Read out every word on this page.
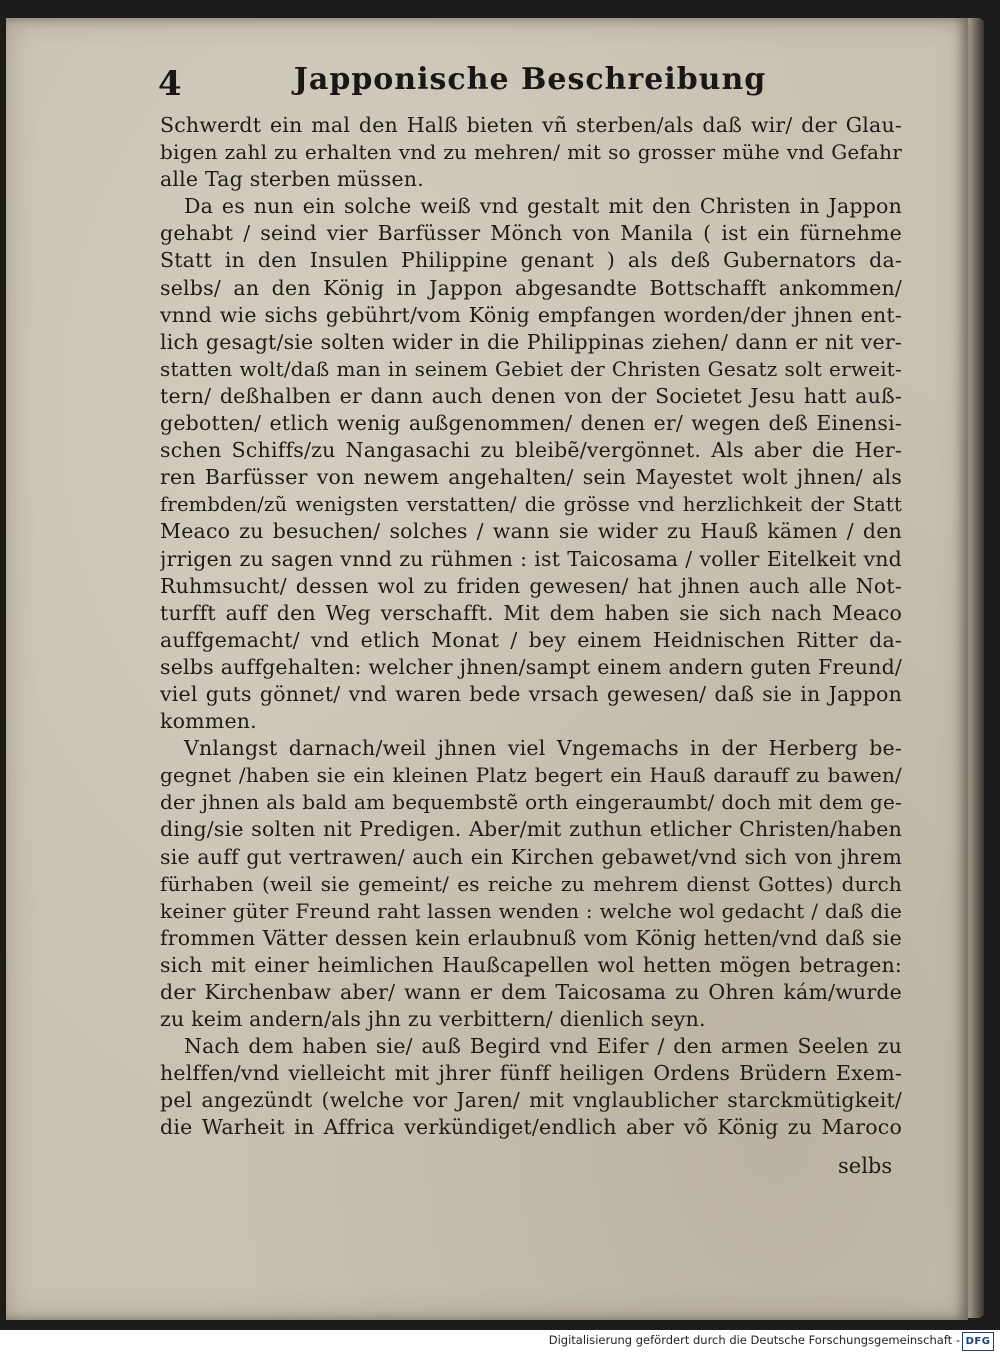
4	Japponische Beschreibung
Schwerdt ein mal den Halß bieten vñ sterben/als daß wir/ der Glau-
bigen zahl zu erhalten vnd zu mehren/ mit so grosser mühe vnd Gefahr
alle Tag sterben müssen.
Da es nun ein solche weiß vnd gestalt mit den Christen in Jappon
gehabt / seind vier Barfüsser Mönch von Manila ( ist ein fürnehme
Statt in den Insulen Philippine genant ) als deß Gubernators da-
selbs/ an den König in Jappon abgesandte Bottschafft ankommen/
vnnd wie sichs gebührt/vom König empfangen worden/der jhnen ent-
lich gesagt/sie solten wider in die Philippinas ziehen/ dann er nit ver-
statten wolt/daß man in seinem Gebiet der Christen Gesatz solt erweit-
tern/ deßhalben er dann auch denen von der Societet Jesu hatt auß-
gebotten/ etlich wenig außgenommen/ denen er/ wegen deß Einensi-
schen Schiffs/zu Nangasachi zu bleibẽ/vergönnet. Als aber die Her-
ren Barfüsser von newem angehalten/ sein Mayestet wolt jhnen/ als
frembden/zũ wenigsten verstatten/ die grösse vnd herzlichkeit der Statt
Meaco zu besuchen/ solches / wann sie wider zu Hauß kämen / den
jrrigen zu sagen vnnd zu rühmen : ist Taicosama / voller Eitelkeit vnd
Ruhmsucht/ dessen wol zu friden gewesen/ hat jhnen auch alle Not-
turfft auff den Weg verschafft. Mit dem haben sie sich nach Meaco
auffgemacht/ vnd etlich Monat / bey einem Heidnischen Ritter da-
selbs auffgehalten: welcher jhnen/sampt einem andern guten Freund/
viel guts gönnet/ vnd waren bede vrsach gewesen/ daß sie in Jappon
kommen.
Vnlangst darnach/weil jhnen viel Vngemachs in der Herberg be-
gegnet /haben sie ein kleinen Platz begert ein Hauß darauff zu bawen/
der jhnen als bald am bequembstẽ orth eingeraumbt/ doch mit dem ge-
ding/sie solten nit Predigen. Aber/mit zuthun etlicher Christen/haben
sie auff gut vertrawen/ auch ein Kirchen gebawet/vnd sich von jhrem
fürhaben (weil sie gemeint/ es reiche zu mehrem dienst Gottes) durch
keiner güter Freund raht lassen wenden : welche wol gedacht / daß die
frommen Vätter dessen kein erlaubnuß vom König hetten/vnd daß sie
sich mit einer heimlichen Haußcapellen wol hetten mögen betragen:
der Kirchenbaw aber/ wann er dem Taicosama zu Ohren kám/wurde
zu keim andern/als jhn zu verbittern/ dienlich seyn.
Nach dem haben sie/ auß Begird vnd Eifer / den armen Seelen zu
helffen/vnd vielleicht mit jhrer fünff heiligen Ordens Brüdern Exem-
pel angezündt (welche vor Jaren/ mit vnglaublicher starckmütigkeit/
die Warheit in Affrica verkündiget/endlich aber võ König zu Maroco
selbs
Digitalisierung gefördert durch die Deutsche Forschungsgemeinschaft - DFG
